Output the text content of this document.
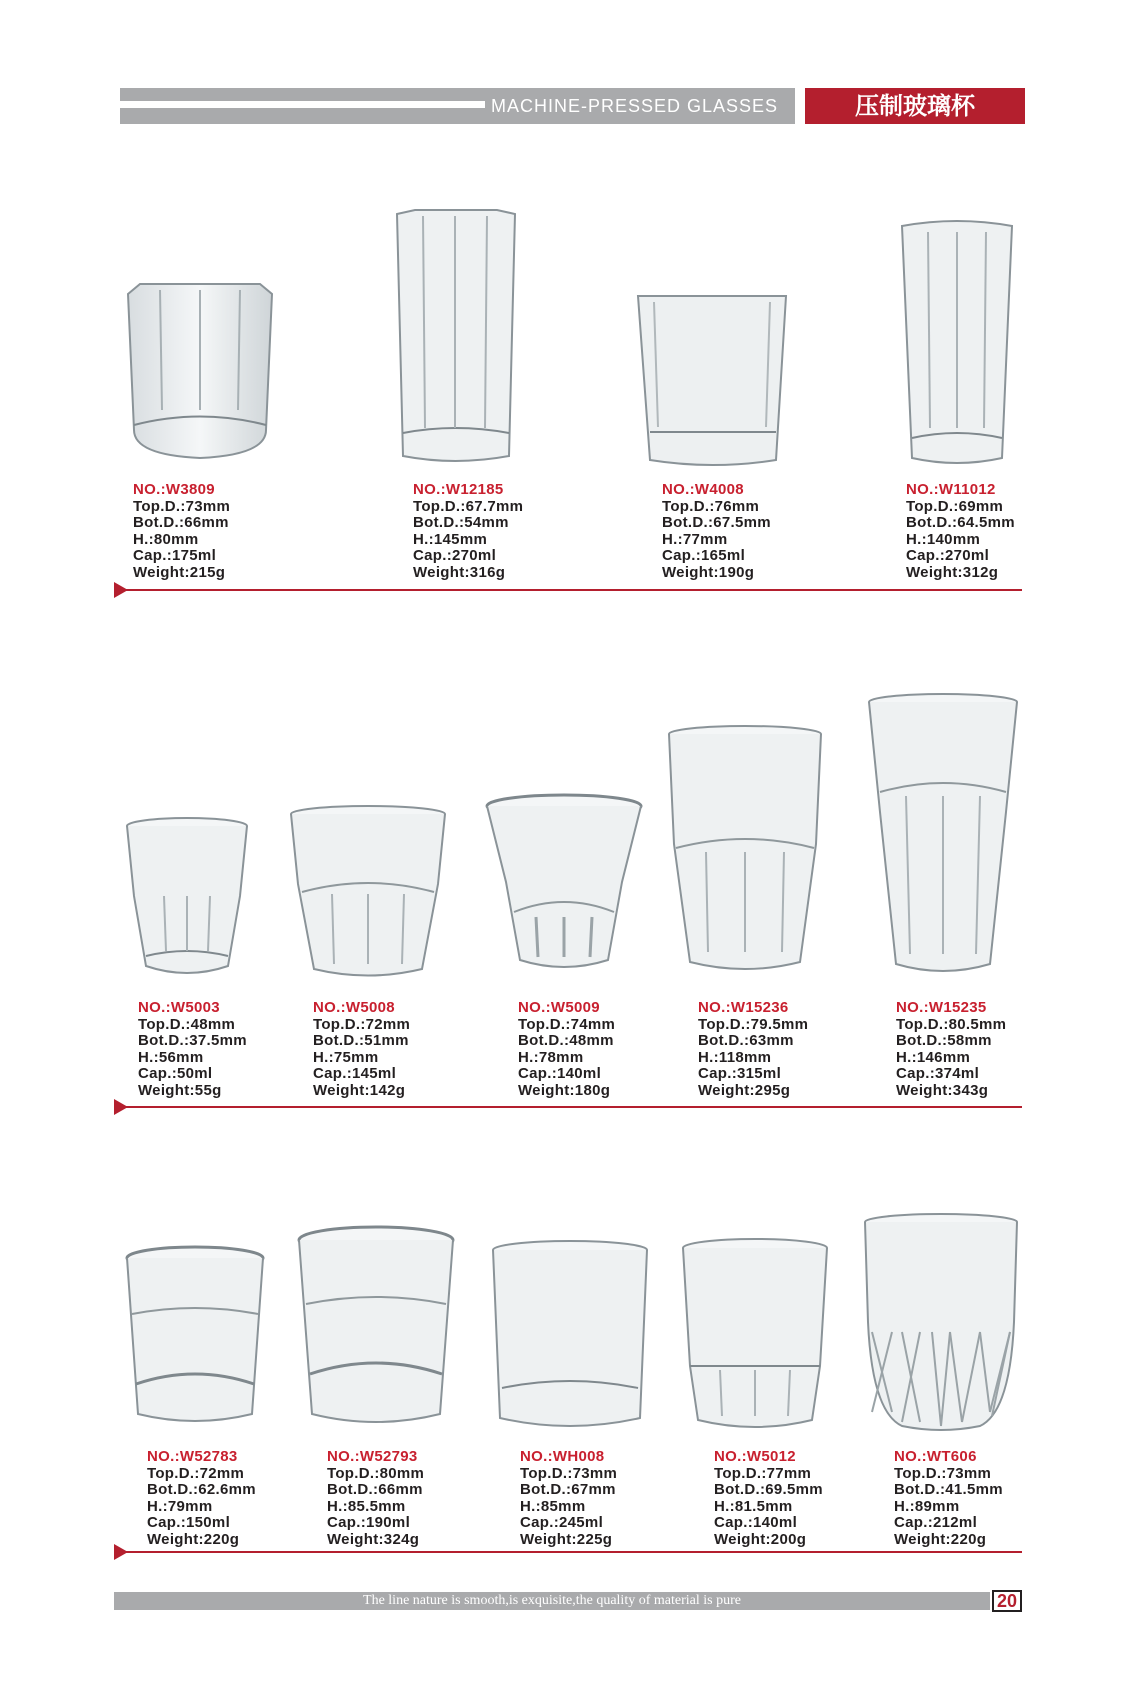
MACHINE-PRESSED GLASSES	压制玻璃杯
NO.:W3809
Top.D.:73mm
Bot.D.:66mm
H.:80mm
Cap.:175ml
Weight:215g
NO.:W12185
Top.D.:67.7mm
Bot.D.:54mm
H.:145mm
Cap.:270ml
Weight:316g
NO.:W4008
Top.D.:76mm
Bot.D.:67.5mm
H.:77mm
Cap.:165ml
Weight:190g
NO.:W11012
Top.D.:69mm
Bot.D.:64.5mm
H.:140mm
Cap.:270ml
Weight:312g
NO.:W5003
Top.D.:48mm
Bot.D.:37.5mm
H.:56mm
Cap.:50ml
Weight:55g
NO.:W5008
Top.D.:72mm
Bot.D.:51mm
H.:75mm
Cap.:145ml
Weight:142g
NO.:W5009
Top.D.:74mm
Bot.D.:48mm
H.:78mm
Cap.:140ml
Weight:180g
NO.:W15236
Top.D.:79.5mm
Bot.D.:63mm
H.:118mm
Cap.:315ml
Weight:295g
NO.:W15235
Top.D.:80.5mm
Bot.D.:58mm
H.:146mm
Cap.:374ml
Weight:343g
NO.:W52783
Top.D.:72mm
Bot.D.:62.6mm
H.:79mm
Cap.:150ml
Weight:220g
NO.:W52793
Top.D.:80mm
Bot.D.:66mm
H.:85.5mm
Cap.:190ml
Weight:324g
NO.:WH008
Top.D.:73mm
Bot.D.:67mm
H.:85mm
Cap.:245ml
Weight:225g
NO.:W5012
Top.D.:77mm
Bot.D.:69.5mm
H.:81.5mm
Cap.:140ml
Weight:200g
NO.:WT606
Top.D.:73mm
Bot.D.:41.5mm
H.:89mm
Cap.:212ml
Weight:220g
The line nature is smooth,is exquisite,the quality of material is pure	20
